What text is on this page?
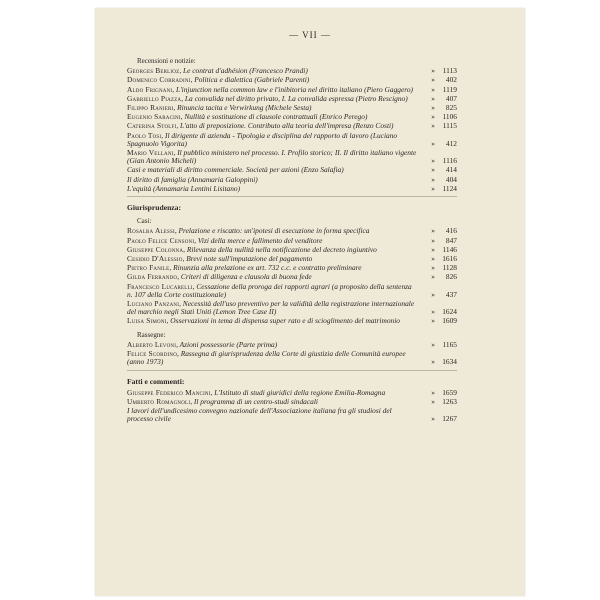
— VII —
Recensioni e notizie:
Georges Berlioz, Le contrat d'adhésion (Francesco Prandi)	»	1113
Domenico Corradini, Politica e dialettica (Gabriele Parenti)	»	402
Aldo Frignani, L'injunction nella common law e l'inibitoria nel diritto italiano (Piero Gaggero)	»	1119
Gabriello Piazza, La convalida nel diritto privato, I. La convalida espressa (Pietro Rescigno)	»	407
Filippo Ranieri, Rinuncia tacita e Verwirkung (Michele Sesta)	»	825
Eugenio Saracini, Nullità e sostituzione di clausole contrattuali (Enrico Perego)	»	1106
Caterina Stolfi, L'atto di preposizione. Contributo alla teoria dell'impresa (Renzo Costi)	»	1115
Paolo Tosi, Il dirigente di azienda - Tipologia e disciplina del rapporto di lavoro (Luciano Spagnuolo Vigorita)	»	412
Mario Vellani, Il pubblico ministero nel processo. I. Profilo storico; II. Il diritto italiano vigente (Gian Antonio Micheli)	»	1116
Casi e materiali di diritto commerciale. Società per azioni (Enzo Salafia)	»	414
Il diritto di famiglia (Annamaria Galoppini)	»	404
L'equità (Annamaria Lentini Lisitano)	»	1124
Giurisprudenza:
Casi:
Rosalba Alessi, Prelazione e riscatto: un'ipotesi di esecuzione in forma specifica	»	416
Paolo Felice Censoni, Vizi della merce e fallimento del venditore	»	847
Giuseppe Colonna, Rilevanza della nullità nella notificazione del decreto ingiuntivo	»	1146
Cesidio D'Alessio, Brevi note sull'imputazione del pagamento	» 1616
Pietro Fanile, Rinunzia alla prelazione ex art. 732 c.c. e contratto preliminare	»	1128
Gilda Ferrando, Criteri di diligenza e clausola di buona fede	»	826
Francesco Lucarelli, Cessazione della proroga dei rapporti agrari (a proposito della sentenza n. 107 della Corte costituzionale)	»	437
Luciano Panzani, Necessità dell'uso preventivo per la validità della registrazione internazionale del marchio negli Stati Uniti (Lemon Tree Case II)	» 1624
Luisa Simoni, Osservazioni in tema di dispensa super rato e di scioglimento del matrimonio	» 1609
Rassegne:
Alberto Levoni, Azioni possessorie (Parte prima)	»	1165
Felice Scordino, Rassegna di giurisprudenza della Corte di giustizia delle Comunità europee (anno 1973)	» 1634
Fatti e commenti:
Giuseppe Federico Mancini, L'Istituto di studi giuridici della regione Emilia-Romagna	» 1659
Umberto Romagnoli, Il programma di un centro-studi sindacali	» 1263
I lavori dell'undicesimo convegno nazionale dell'Associazione italiana fra gli studiosi del processo civile	» 1267
